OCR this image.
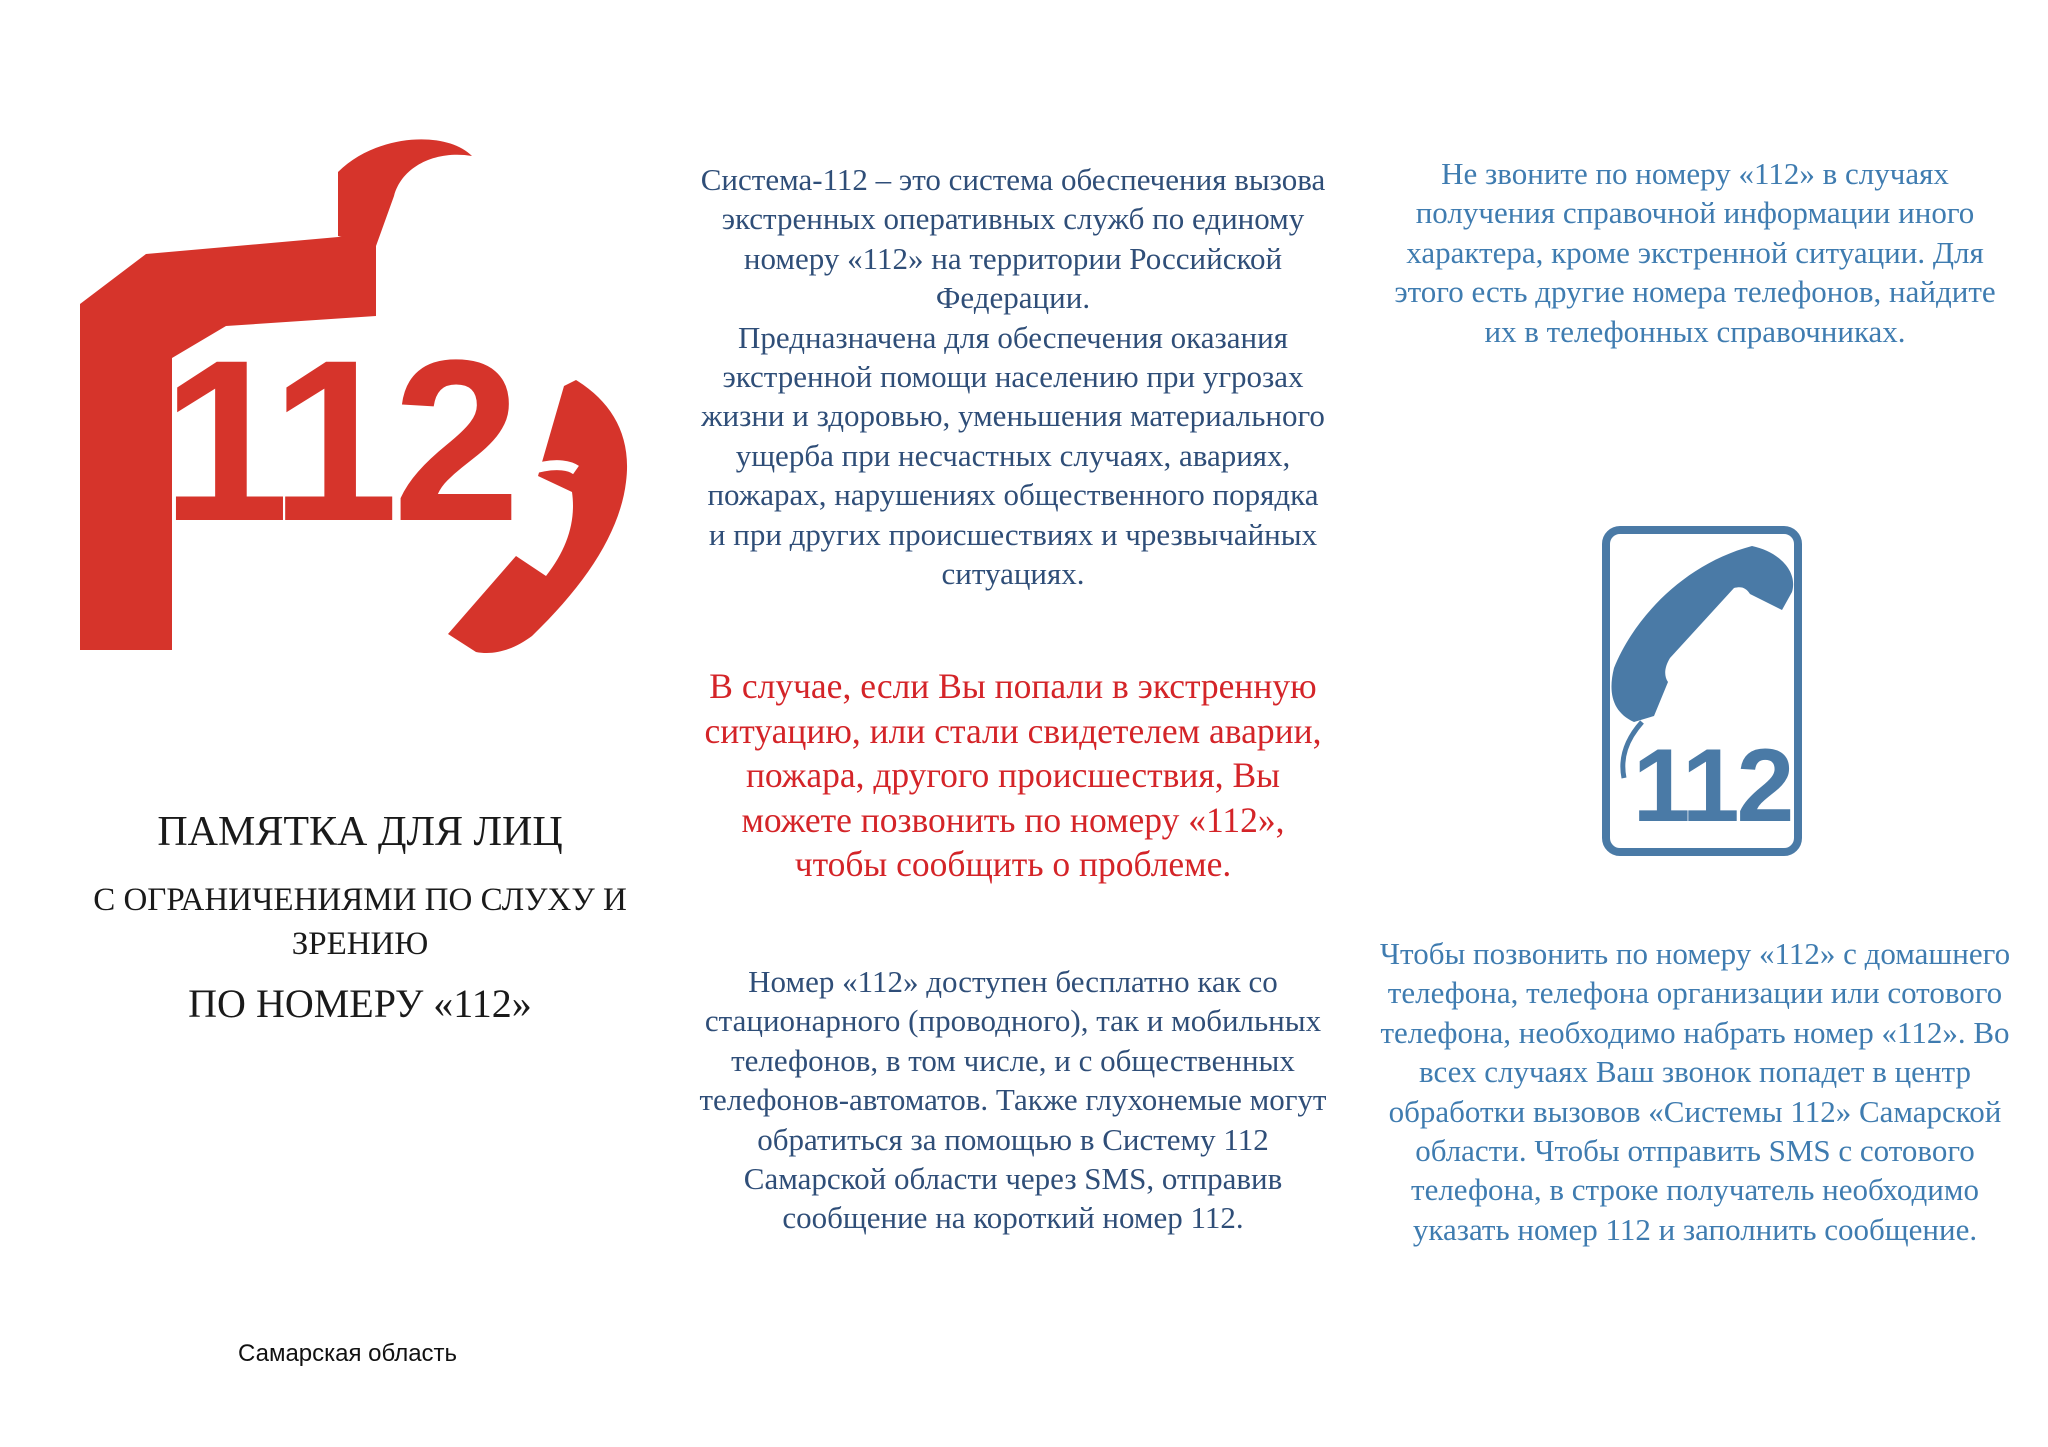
112
ПАМЯТКА ДЛЯ ЛИЦ
С ОГРАНИЧЕНИЯМИ ПО СЛУХУ И ЗРЕНИЮ
ПО НОМЕРУ «112»
Самарская область

Система-112 – это система обеспечения вызова экстренных оперативных служб по единому номеру «112» на территории Российской Федерации.

Предназначена для обеспечения оказания экстренной помощи населению при угрозах жизни и здоровью, уменьшения материального ущерба при несчастных случаях, авариях, пожарах, нарушениях общественного порядка и при других происшествиях и чрезвычайных ситуациях.

В случае, если Вы попали в экстренную ситуацию, или стали свидетелем аварии, пожара, другого происшествия, Вы можете позвонить по номеру «112», чтобы сообщить о проблеме.
Номер «112» доступен бесплатно как со стационарного (проводного), так и мобильных телефонов, в том числе, и с общественных телефонов-автоматов. Также глухонемые могут обратиться за помощью в Систему 112 Самарской области через SMS, отправив сообщение на короткий номер 112.
Не звоните по номеру «112» в случаях получения справочной информации иного характера, кроме экстренной ситуации. Для этого есть другие номера телефонов, найдите их в телефонных справочниках.
112
Чтобы позвонить по номеру «112» с домашнего телефона, телефона организации или сотового телефона, необходимо набрать номер «112». Во всех случаях Ваш звонок попадет в центр обработки вызовов «Системы 112» Самарской области. Чтобы отправить SMS с сотового телефона, в строке получатель необходимо указать номер 112 и заполнить сообщение.
